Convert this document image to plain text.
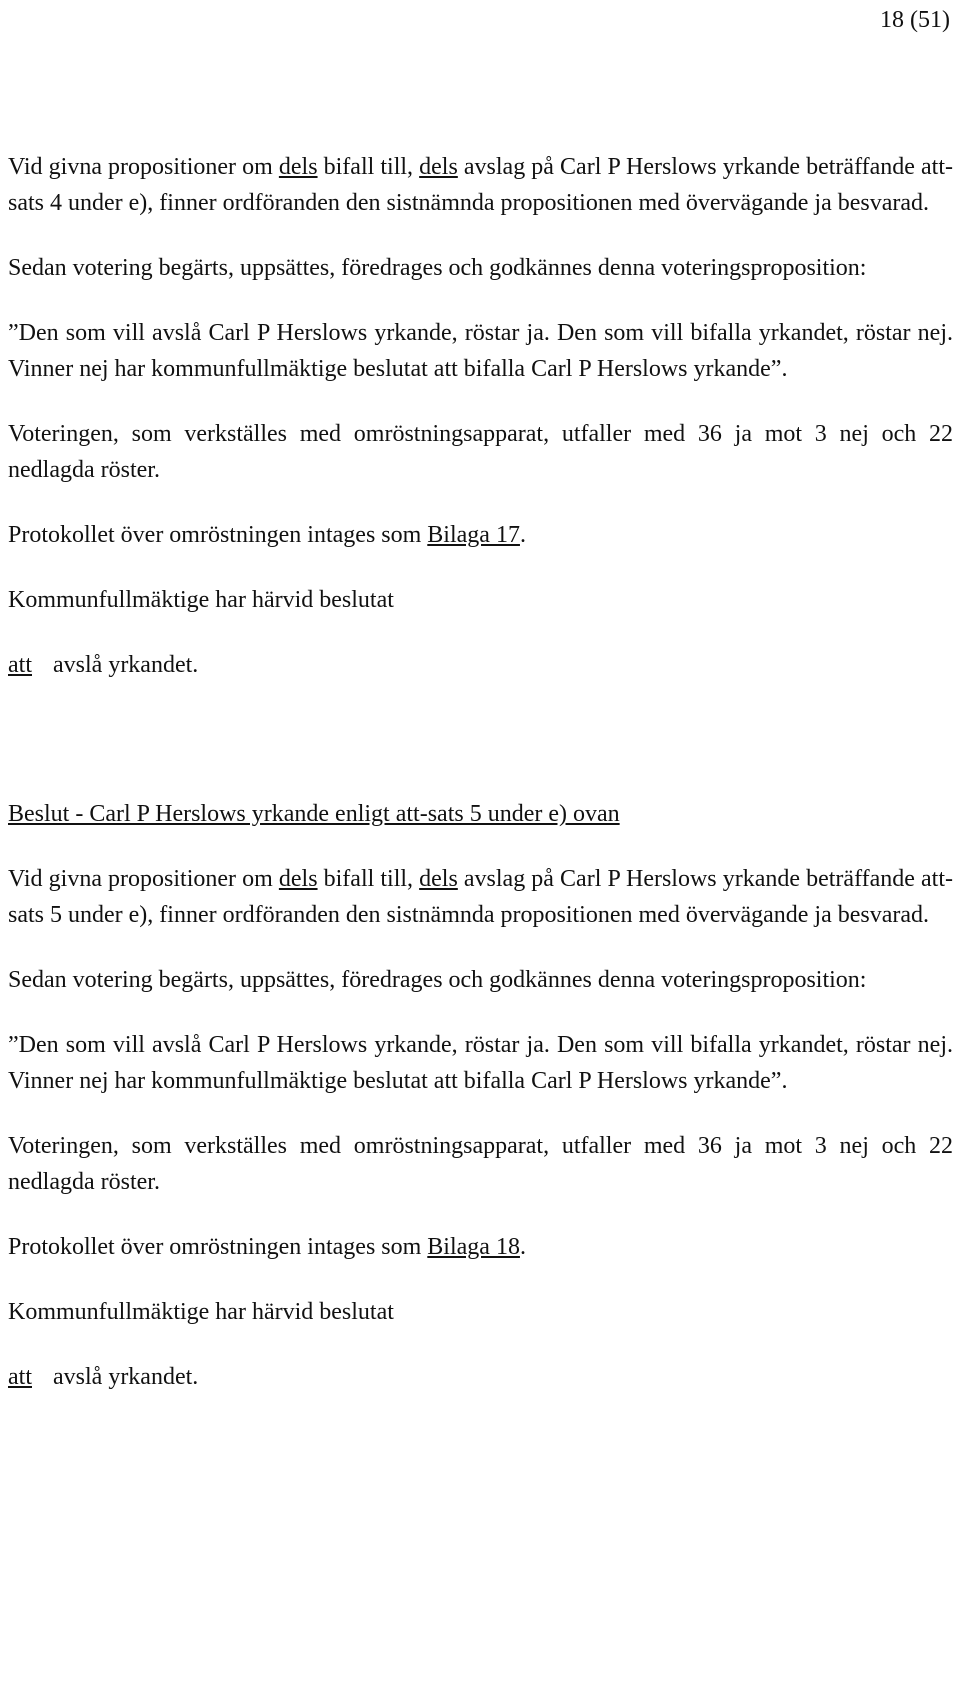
18 (51)

Vid givna propositioner om dels bifall till, dels avslag på Carl P Herslows yrkande beträffande att-sats 4 under e), finner ordföranden den sistnämnda propositionen med övervägande ja besvarad.

Sedan votering begärts, uppsättes, föredrages och godkännes denna voteringsproposition:

”Den som vill avslå Carl P Herslows yrkande, röstar ja. Den som vill bifalla yrkandet, röstar nej. Vinner nej har kommunfullmäktige beslutat att bifalla Carl P Herslows yrkande”.

Voteringen, som verkställes med omröstningsapparat, utfaller med 36 ja mot 3 nej och 22 nedlagda röster.

Protokollet över omröstningen intages som Bilaga 17.

Kommunfullmäktige har härvid beslutat

att avslå yrkandet.

Beslut - Carl P Herslows yrkande enligt att-sats 5 under e) ovan

Vid givna propositioner om dels bifall till, dels avslag på Carl P Herslows yrkande beträffande att-sats 5 under e), finner ordföranden den sistnämnda propositionen med övervägande ja besvarad.

Sedan votering begärts, uppsättes, föredrages och godkännes denna voteringsproposition:

”Den som vill avslå Carl P Herslows yrkande, röstar ja. Den som vill bifalla yrkandet, röstar nej. Vinner nej har kommunfullmäktige beslutat att bifalla Carl P Herslows yrkande”.

Voteringen, som verkställes med omröstningsapparat, utfaller med 36 ja mot 3 nej och 22 nedlagda röster.

Protokollet över omröstningen intages som Bilaga 18.

Kommunfullmäktige har härvid beslutat

att avslå yrkandet.
